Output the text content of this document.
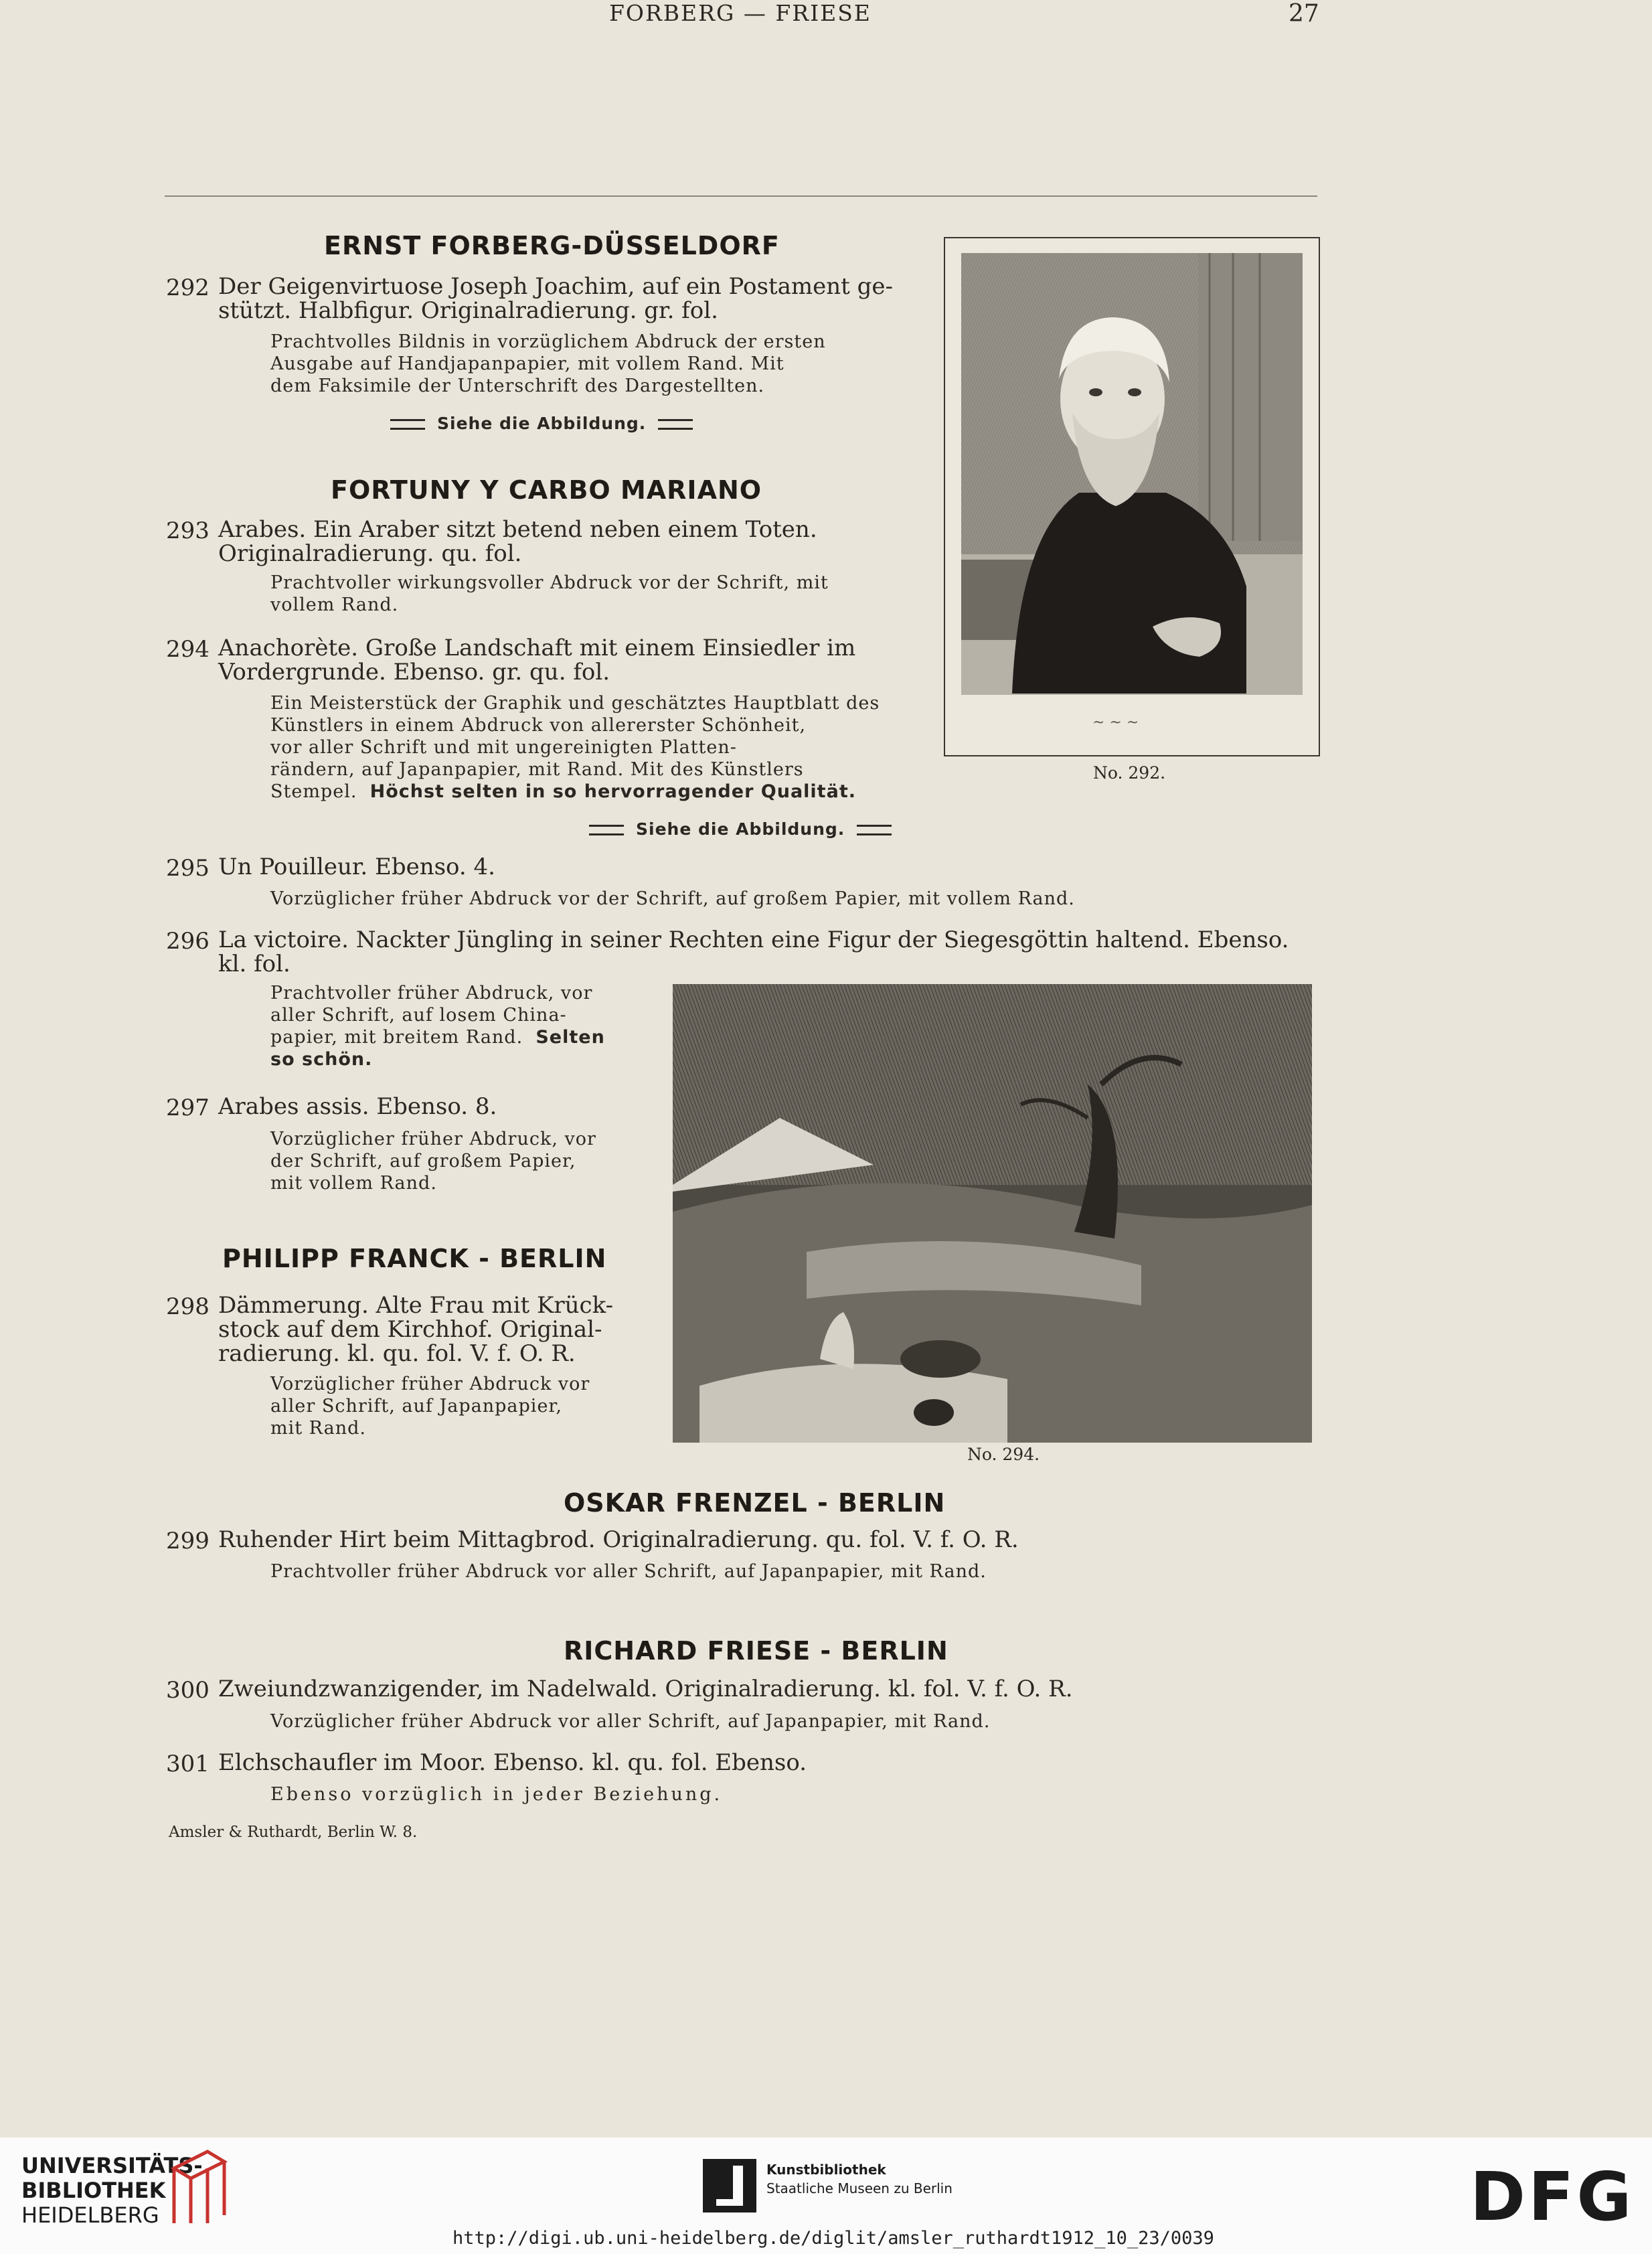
FORBERG — FRIESE	27
ERNST FORBERG-DÜSSELDORF
292 Der Geigenvirtuose Joseph Joachim, auf ein Postament ge-
stützt. Halbfigur. Originalradierung. gr. fol.
Prachtvolles Bildnis in vorzüglichem Abdruck der ersten
Ausgabe auf Handjapanpapier, mit vollem Rand. Mit
dem Faksimile der Unterschrift des Dargestellten.
Siehe die Abbildung.
FORTUNY Y CARBO MARIANO
293 Arabes. Ein Araber sitzt betend neben einem Toten.
Originalradierung. qu. fol.
Prachtvoller wirkungsvoller Abdruck vor der Schrift, mit
vollem Rand.
294 Anachorète. Große Landschaft mit einem Einsiedler im
Vordergrunde. Ebenso. gr. qu. fol.
Ein Meisterstück der Graphik und geschätztes Hauptblatt des
Künstlers in einem Abdruck von allererster Schönheit,
vor aller Schrift und mit ungereinigten Platten-
rändern, auf Japanpapier, mit Rand. Mit des Künstlers
Stempel. Höchst selten in so hervorragender Qualität.
Siehe die Abbildung.
295 Un Pouilleur. Ebenso. 4.
Vorzüglicher früher Abdruck vor der Schrift, auf großem Papier, mit vollem Rand.
296 La victoire. Nackter Jüngling in seiner Rechten eine Figur der Siegesgöttin haltend. Ebenso.
kl. fol.
Prachtvoller früher Abdruck, vor
aller Schrift, auf losem China-
papier, mit breitem Rand. Selten
so schön.
297 Arabes assis. Ebenso. 8.
Vorzüglicher früher Abdruck, vor
der Schrift, auf großem Papier,
mit vollem Rand.
PHILIPP FRANCK - BERLIN
298 Dämmerung. Alte Frau mit Krück-
stock auf dem Kirchhof. Original-
radierung. kl. qu. fol. V. f. O. R.
Vorzüglicher früher Abdruck vor
aller Schrift, auf Japanpapier,
mit Rand.
OSKAR FRENZEL - BERLIN
299 Ruhender Hirt beim Mittagbrod. Originalradierung. qu. fol. V. f. O. R.
Prachtvoller früher Abdruck vor aller Schrift, auf Japanpapier, mit Rand.
RICHARD FRIESE - BERLIN
300 Zweiundzwanzigender, im Nadelwald. Originalradierung. kl. fol. V. f. O. R.
Vorzüglicher früher Abdruck vor aller Schrift, auf Japanpapier, mit Rand.
301 Elchschaufler im Moor. Ebenso. kl. qu. fol. Ebenso.
Ebenso vorzüglich in jeder Beziehung.
Amsler & Ruthardt, Berlin W. 8.
~ ~ ~
No. 292.
No. 294.
UNIVERSITÄTS-
BIBLIOTHEK
HEIDELBERG
Kunstbibliothek
Staatliche Museen zu Berlin	DFG
http://digi.ub.uni-heidelberg.de/diglit/amsler_ruthardt1912_10_23/0039
